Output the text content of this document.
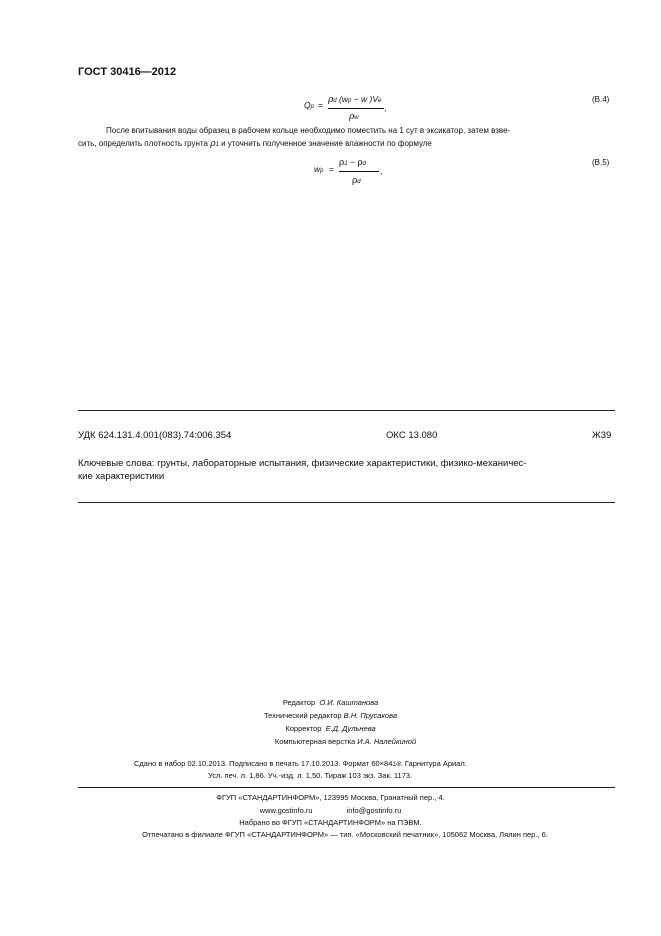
ГОСТ 30416—2012
Qp = ρd (wp − w )Ve
,
ρw
(В.4)

После впитывания воды образец в рабочем кольце необходимо поместить на 1 сут в эксикатор, затем взве-

сить, определить плотность грунта ρ1 и уточнить полученное значение влажности по формуле

wp =
ρ1 − ρd
,
ρd
(В.5)
УДК 624.131.4.001(083).74:006.354	ОКС 13.080	Ж39

Ключевые слова: грунты, лабораторные испытания, физические характеристики, физико-механичес-

кие характеристики

Редактор О.И. Каштанова
Технический редактор В.Н. Прусакова
Корректор Е.Д. Дульнева
Компьютерная верстка И.А. Налейкиной
Сдано в набор 02.10.2013. Подписано в печать 17.10.2013. Формат 60×841/8. Гарнитура Ариал.
Усл. печ. л. 1,86. Уч.-изд. л. 1,50. Тираж 103 экз. Зак. 1173.
ФГУП «СТАНДАРТИНФОРМ», 123995 Москва, Гранатный пер., 4.
www.gostinfo.ru	info@gostinfo.ru
Набрано во ФГУП «СТАНДАРТИНФОРМ» на ПЭВМ.
Отпечатано в филиале ФГУП «СТАНДАРТИНФОРМ» — тип. «Московский печатник», 105062 Москва, Лялин пер., 6.
